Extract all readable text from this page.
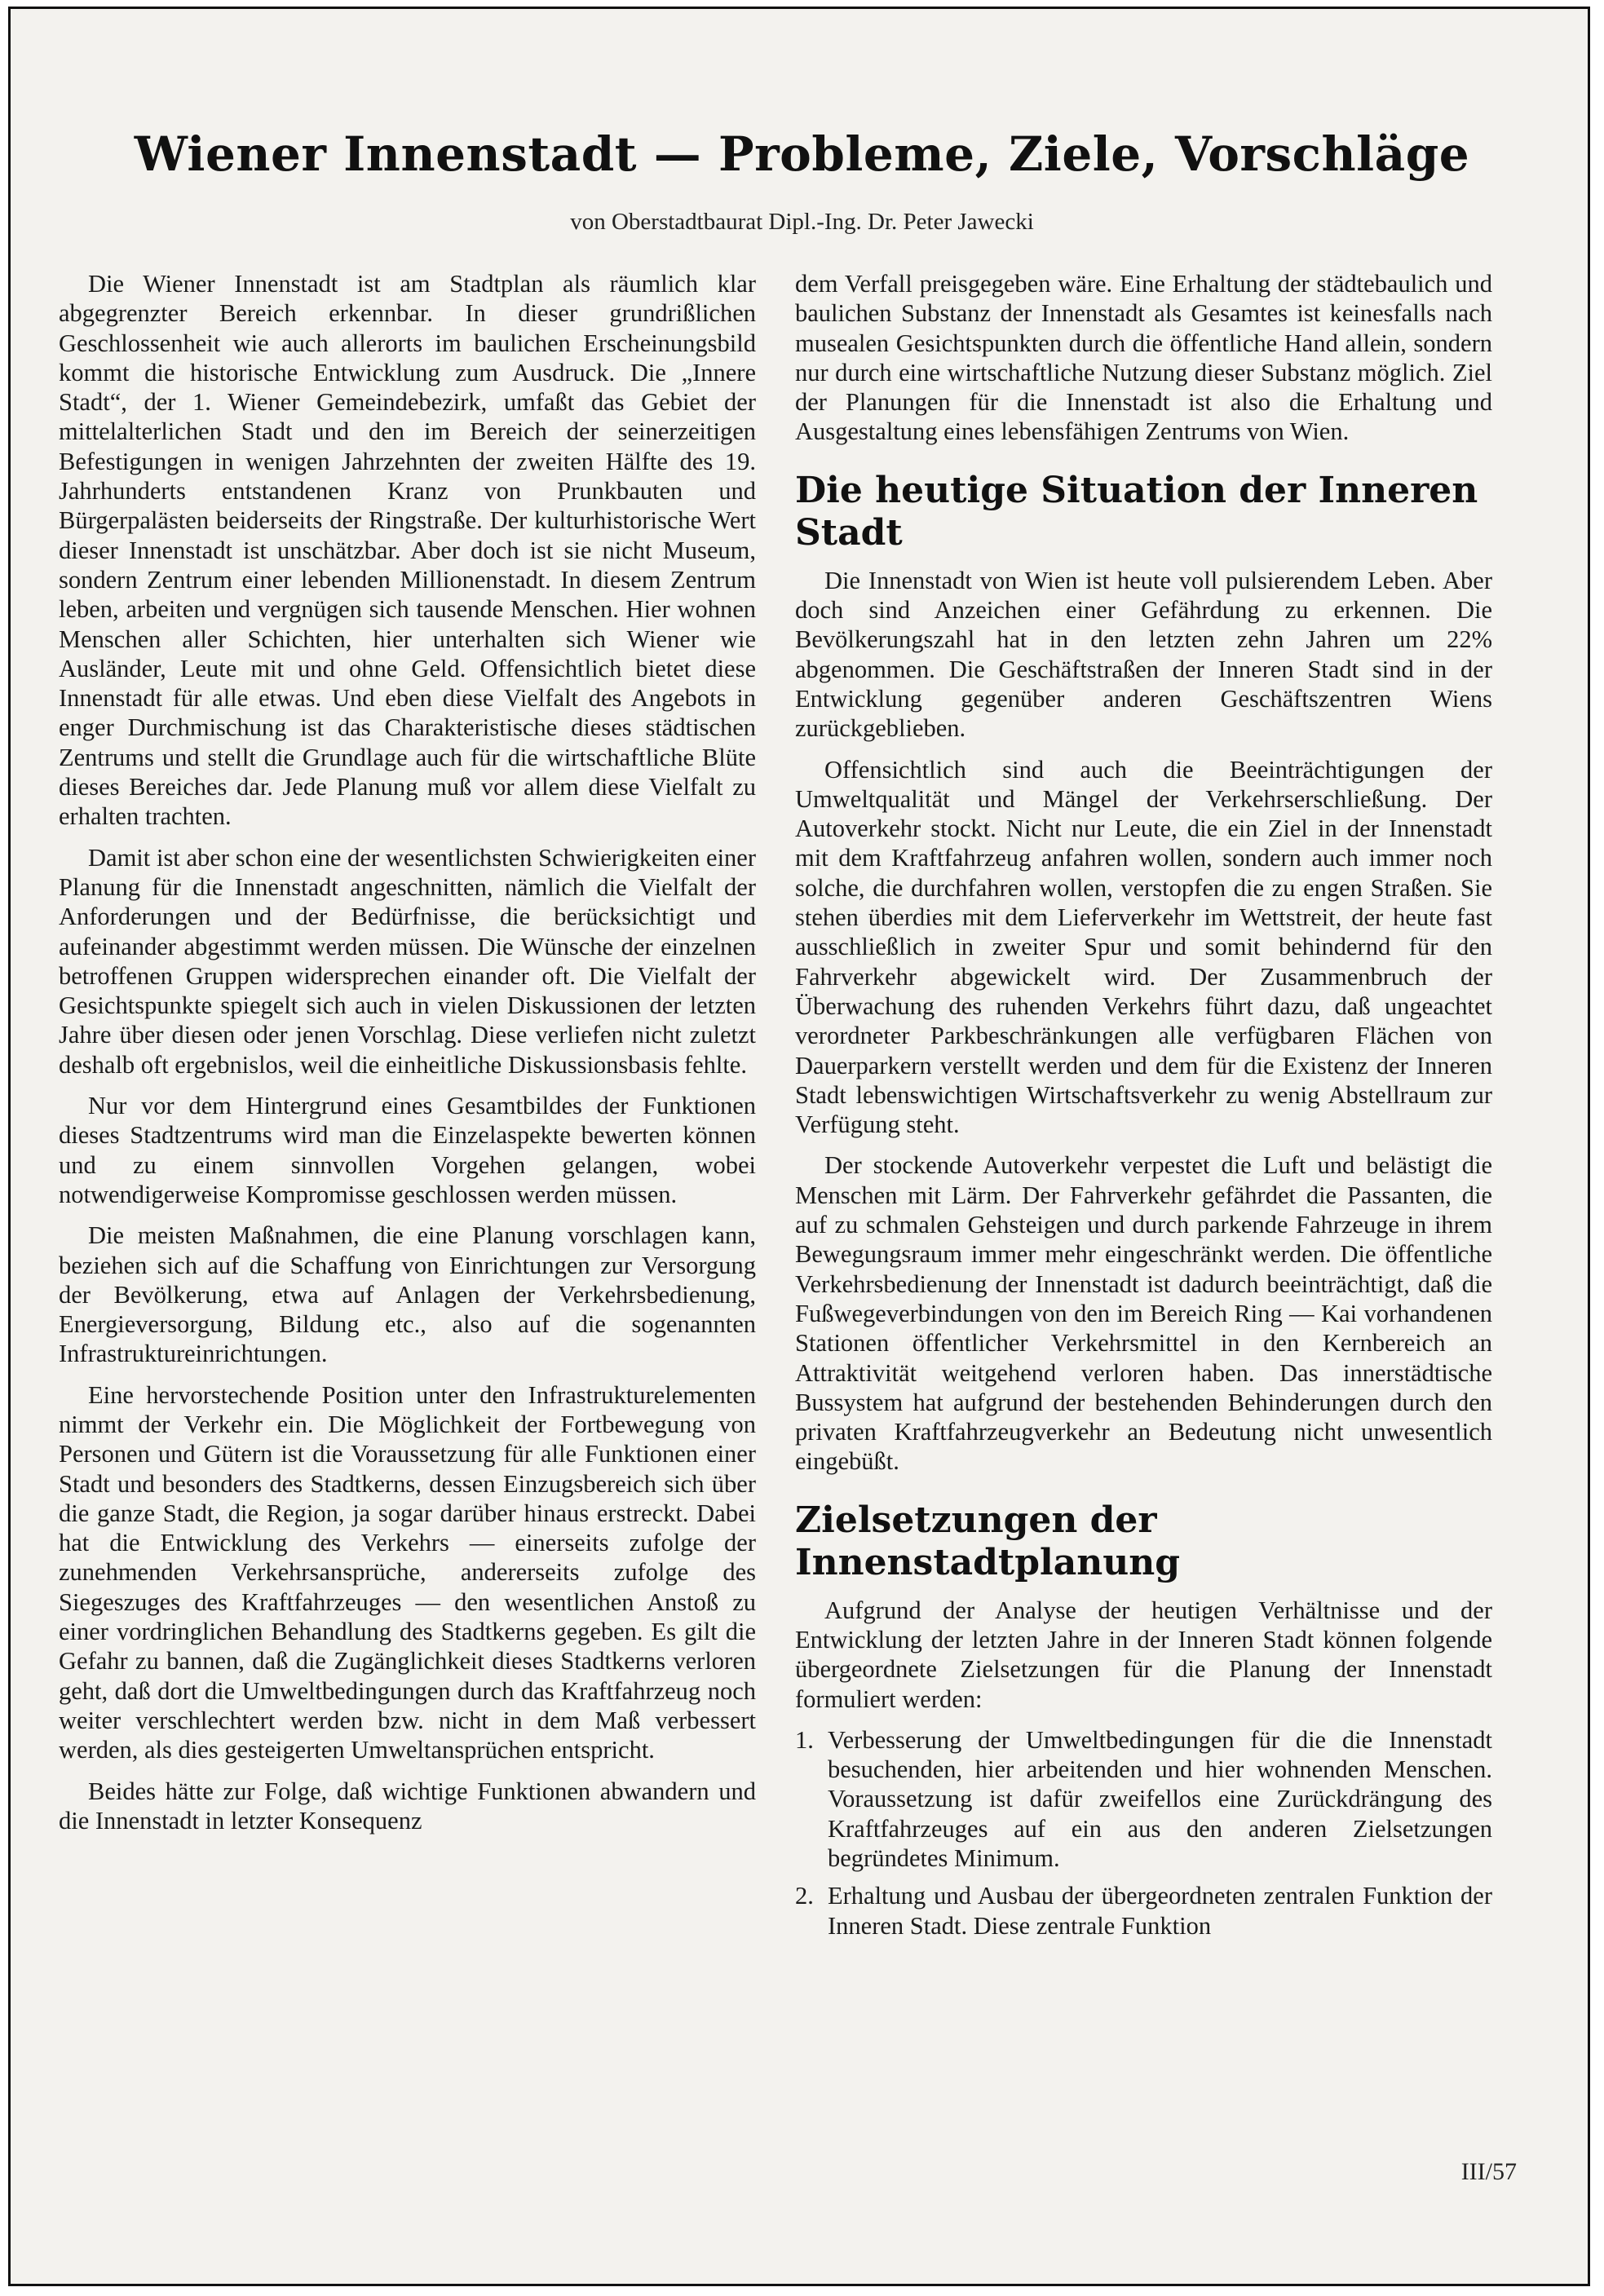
Wiener Innenstadt — Probleme, Ziele, Vorschläge
von Oberstadtbaurat Dipl.-Ing. Dr. Peter Jawecki

Die Wiener Innenstadt ist am Stadtplan als räumlich klar abgegrenzter Bereich erkennbar. In dieser grundrißlichen Geschlossenheit wie auch allerorts im baulichen Erscheinungsbild kommt die historische Entwicklung zum Ausdruck. Die „Innere Stadt“, der 1. Wiener Gemeindebezirk, umfaßt das Gebiet der mittelalterlichen Stadt und den im Bereich der seinerzeitigen Befestigungen in wenigen Jahrzehnten der zweiten Hälfte des 19. Jahrhunderts entstandenen Kranz von Prunkbauten und Bürgerpalästen beiderseits der Ringstraße. Der kulturhistorische Wert dieser Innenstadt ist unschätzbar. Aber doch ist sie nicht Museum, sondern Zentrum einer lebenden Millionenstadt. In diesem Zentrum leben, arbeiten und vergnügen sich tausende Menschen. Hier wohnen Menschen aller Schichten, hier unterhalten sich Wiener wie Ausländer, Leute mit und ohne Geld. Offensichtlich bietet diese Innenstadt für alle etwas. Und eben diese Vielfalt des Angebots in enger Durchmischung ist das Charakteristische dieses städtischen Zentrums und stellt die Grundlage auch für die wirtschaftliche Blüte dieses Bereiches dar. Jede Planung muß vor allem diese Vielfalt zu erhalten trachten.

Damit ist aber schon eine der wesentlichsten Schwierigkeiten einer Planung für die Innenstadt angeschnitten, nämlich die Vielfalt der Anforderungen und der Bedürfnisse, die berücksichtigt und aufeinander abgestimmt werden müssen. Die Wünsche der einzelnen betroffenen Gruppen widersprechen einander oft. Die Vielfalt der Gesichtspunkte spiegelt sich auch in vielen Diskussionen der letzten Jahre über diesen oder jenen Vorschlag. Diese verliefen nicht zuletzt deshalb oft ergebnislos, weil die einheitliche Diskussionsbasis fehlte.

Nur vor dem Hintergrund eines Gesamtbildes der Funktionen dieses Stadtzentrums wird man die Einzelaspekte bewerten können und zu einem sinnvollen Vorgehen gelangen, wobei notwendigerweise Kompromisse geschlossen werden müssen.

Die meisten Maßnahmen, die eine Planung vorschlagen kann, beziehen sich auf die Schaffung von Einrichtungen zur Versorgung der Bevölkerung, etwa auf Anlagen der Verkehrsbedienung, Energieversorgung, Bildung etc., also auf die sogenannten Infrastruktureinrichtungen.

Eine hervorstechende Position unter den Infrastrukturelementen nimmt der Verkehr ein. Die Möglichkeit der Fortbewegung von Personen und Gütern ist die Voraussetzung für alle Funktionen einer Stadt und besonders des Stadtkerns, dessen Einzugsbereich sich über die ganze Stadt, die Region, ja sogar darüber hinaus erstreckt. Dabei hat die Entwicklung des Verkehrs — einerseits zufolge der zunehmenden Verkehrsansprüche, andererseits zufolge des Siegeszuges des Kraftfahrzeuges — den wesentlichen Anstoß zu einer vordringlichen Behandlung des Stadtkerns gegeben. Es gilt die Gefahr zu bannen, daß die Zugänglichkeit dieses Stadtkerns verloren geht, daß dort die Umweltbedingungen durch das Kraftfahrzeug noch weiter verschlechtert werden bzw. nicht in dem Maß verbessert werden, als dies gesteigerten Umweltansprüchen entspricht.

Beides hätte zur Folge, daß wichtige Funktionen abwandern und die Innenstadt in letzter Konsequenz

dem Verfall preisgegeben wäre. Eine Erhaltung der städtebaulich und baulichen Substanz der Innenstadt als Gesamtes ist keinesfalls nach musealen Gesichtspunkten durch die öffentliche Hand allein, sondern nur durch eine wirtschaftliche Nutzung dieser Substanz möglich. Ziel der Planungen für die Innenstadt ist also die Erhaltung und Ausgestaltung eines lebensfähigen Zentrums von Wien.

Die heutige Situation der Inneren Stadt

Die Innenstadt von Wien ist heute voll pulsierendem Leben. Aber doch sind Anzeichen einer Gefährdung zu erkennen. Die Bevölkerungszahl hat in den letzten zehn Jahren um 22% abgenommen. Die Geschäftstraßen der Inneren Stadt sind in der Entwicklung gegenüber anderen Geschäftszentren Wiens zurückgeblieben.

Offensichtlich sind auch die Beeinträchtigungen der Umweltqualität und Mängel der Verkehrserschließung. Der Autoverkehr stockt. Nicht nur Leute, die ein Ziel in der Innenstadt mit dem Kraftfahrzeug anfahren wollen, sondern auch immer noch solche, die durchfahren wollen, verstopfen die zu engen Straßen. Sie stehen überdies mit dem Lieferverkehr im Wettstreit, der heute fast ausschließlich in zweiter Spur und somit behindernd für den Fahrverkehr abgewickelt wird. Der Zusammenbruch der Überwachung des ruhenden Verkehrs führt dazu, daß ungeachtet verordneter Parkbeschränkungen alle verfügbaren Flächen von Dauerparkern verstellt werden und dem für die Existenz der Inneren Stadt lebenswichtigen Wirtschaftsverkehr zu wenig Abstellraum zur Verfügung steht.

Der stockende Autoverkehr verpestet die Luft und belästigt die Menschen mit Lärm. Der Fahrverkehr gefährdet die Passanten, die auf zu schmalen Gehsteigen und durch parkende Fahrzeuge in ihrem Bewegungsraum immer mehr eingeschränkt werden. Die öffentliche Verkehrsbedienung der Innenstadt ist dadurch beeinträchtigt, daß die Fußwegeverbindungen von den im Bereich Ring — Kai vorhandenen Stationen öffentlicher Verkehrsmittel in den Kernbereich an Attraktivität weitgehend verloren haben. Das innerstädtische Bussystem hat aufgrund der bestehenden Behinderungen durch den privaten Kraftfahrzeugverkehr an Bedeutung nicht unwesentlich eingebüßt.

Zielsetzungen der Innenstadtplanung

Aufgrund der Analyse der heutigen Verhältnisse und der Entwicklung der letzten Jahre in der Inneren Stadt können folgende übergeordnete Zielsetzungen für die Planung der Innenstadt formuliert werden:

1. Verbesserung der Umweltbedingungen für die die Innenstadt besuchenden, hier arbeitenden und hier wohnenden Menschen. Voraussetzung ist dafür zweifellos eine Zurückdrängung des Kraftfahrzeuges auf ein aus den anderen Zielsetzungen begründetes Minimum.
2. Erhaltung und Ausbau der übergeordneten zentralen Funktion der Inneren Stadt. Diese zentrale Funktion
III/57
